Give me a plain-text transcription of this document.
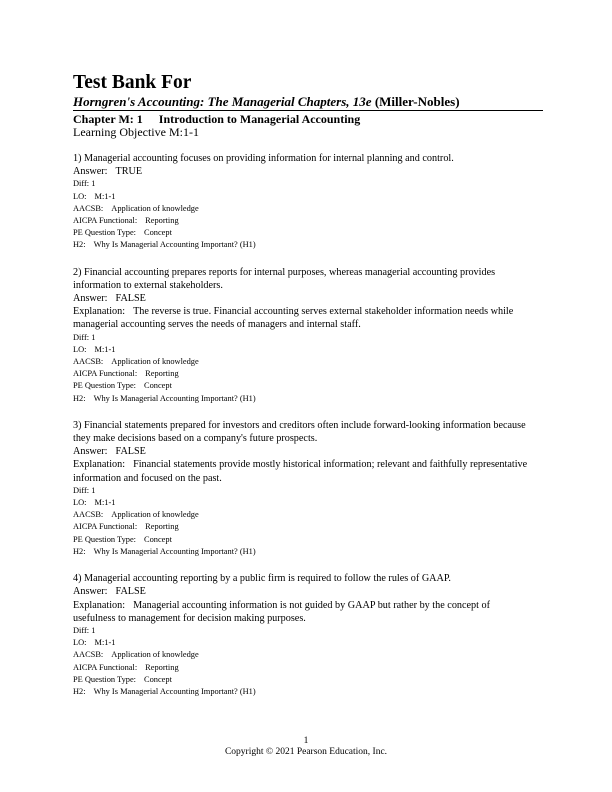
Test Bank For
Horngren's Accounting: The Managerial Chapters, 13e (Miller-Nobles)
Chapter M: 1 Introduction to Managerial Accounting
Learning Objective M:1-1

1) Managerial accounting focuses on providing information for internal planning and control.

Answer: TRUE

Diff: 1

LO: M:1-1

AACSB: Application of knowledge

AICPA Functional: Reporting

PE Question Type: Concept

H2: Why Is Managerial Accounting Important? (H1)

2) Financial accounting prepares reports for internal purposes, whereas managerial accounting provides information to external stakeholders.

Answer: FALSE

Explanation: The reverse is true. Financial accounting serves external stakeholder information needs while managerial accounting serves the needs of managers and internal staff.

Diff: 1

LO: M:1-1

AACSB: Application of knowledge

AICPA Functional: Reporting

PE Question Type: Concept

H2: Why Is Managerial Accounting Important? (H1)

3) Financial statements prepared for investors and creditors often include forward-looking information because they make decisions based on a company's future prospects.

Answer: FALSE

Explanation: Financial statements provide mostly historical information; relevant and faithfully representative information and focused on the past.

Diff: 1

LO: M:1-1

AACSB: Application of knowledge

AICPA Functional: Reporting

PE Question Type: Concept

H2: Why Is Managerial Accounting Important? (H1)

4) Managerial accounting reporting by a public firm is required to follow the rules of GAAP.

Answer: FALSE

Explanation: Managerial accounting information is not guided by GAAP but rather by the concept of usefulness to management for decision making purposes.

Diff: 1

LO: M:1-1

AACSB: Application of knowledge

AICPA Functional: Reporting

PE Question Type: Concept

H2: Why Is Managerial Accounting Important? (H1)

1
Copyright © 2021 Pearson Education, Inc.
